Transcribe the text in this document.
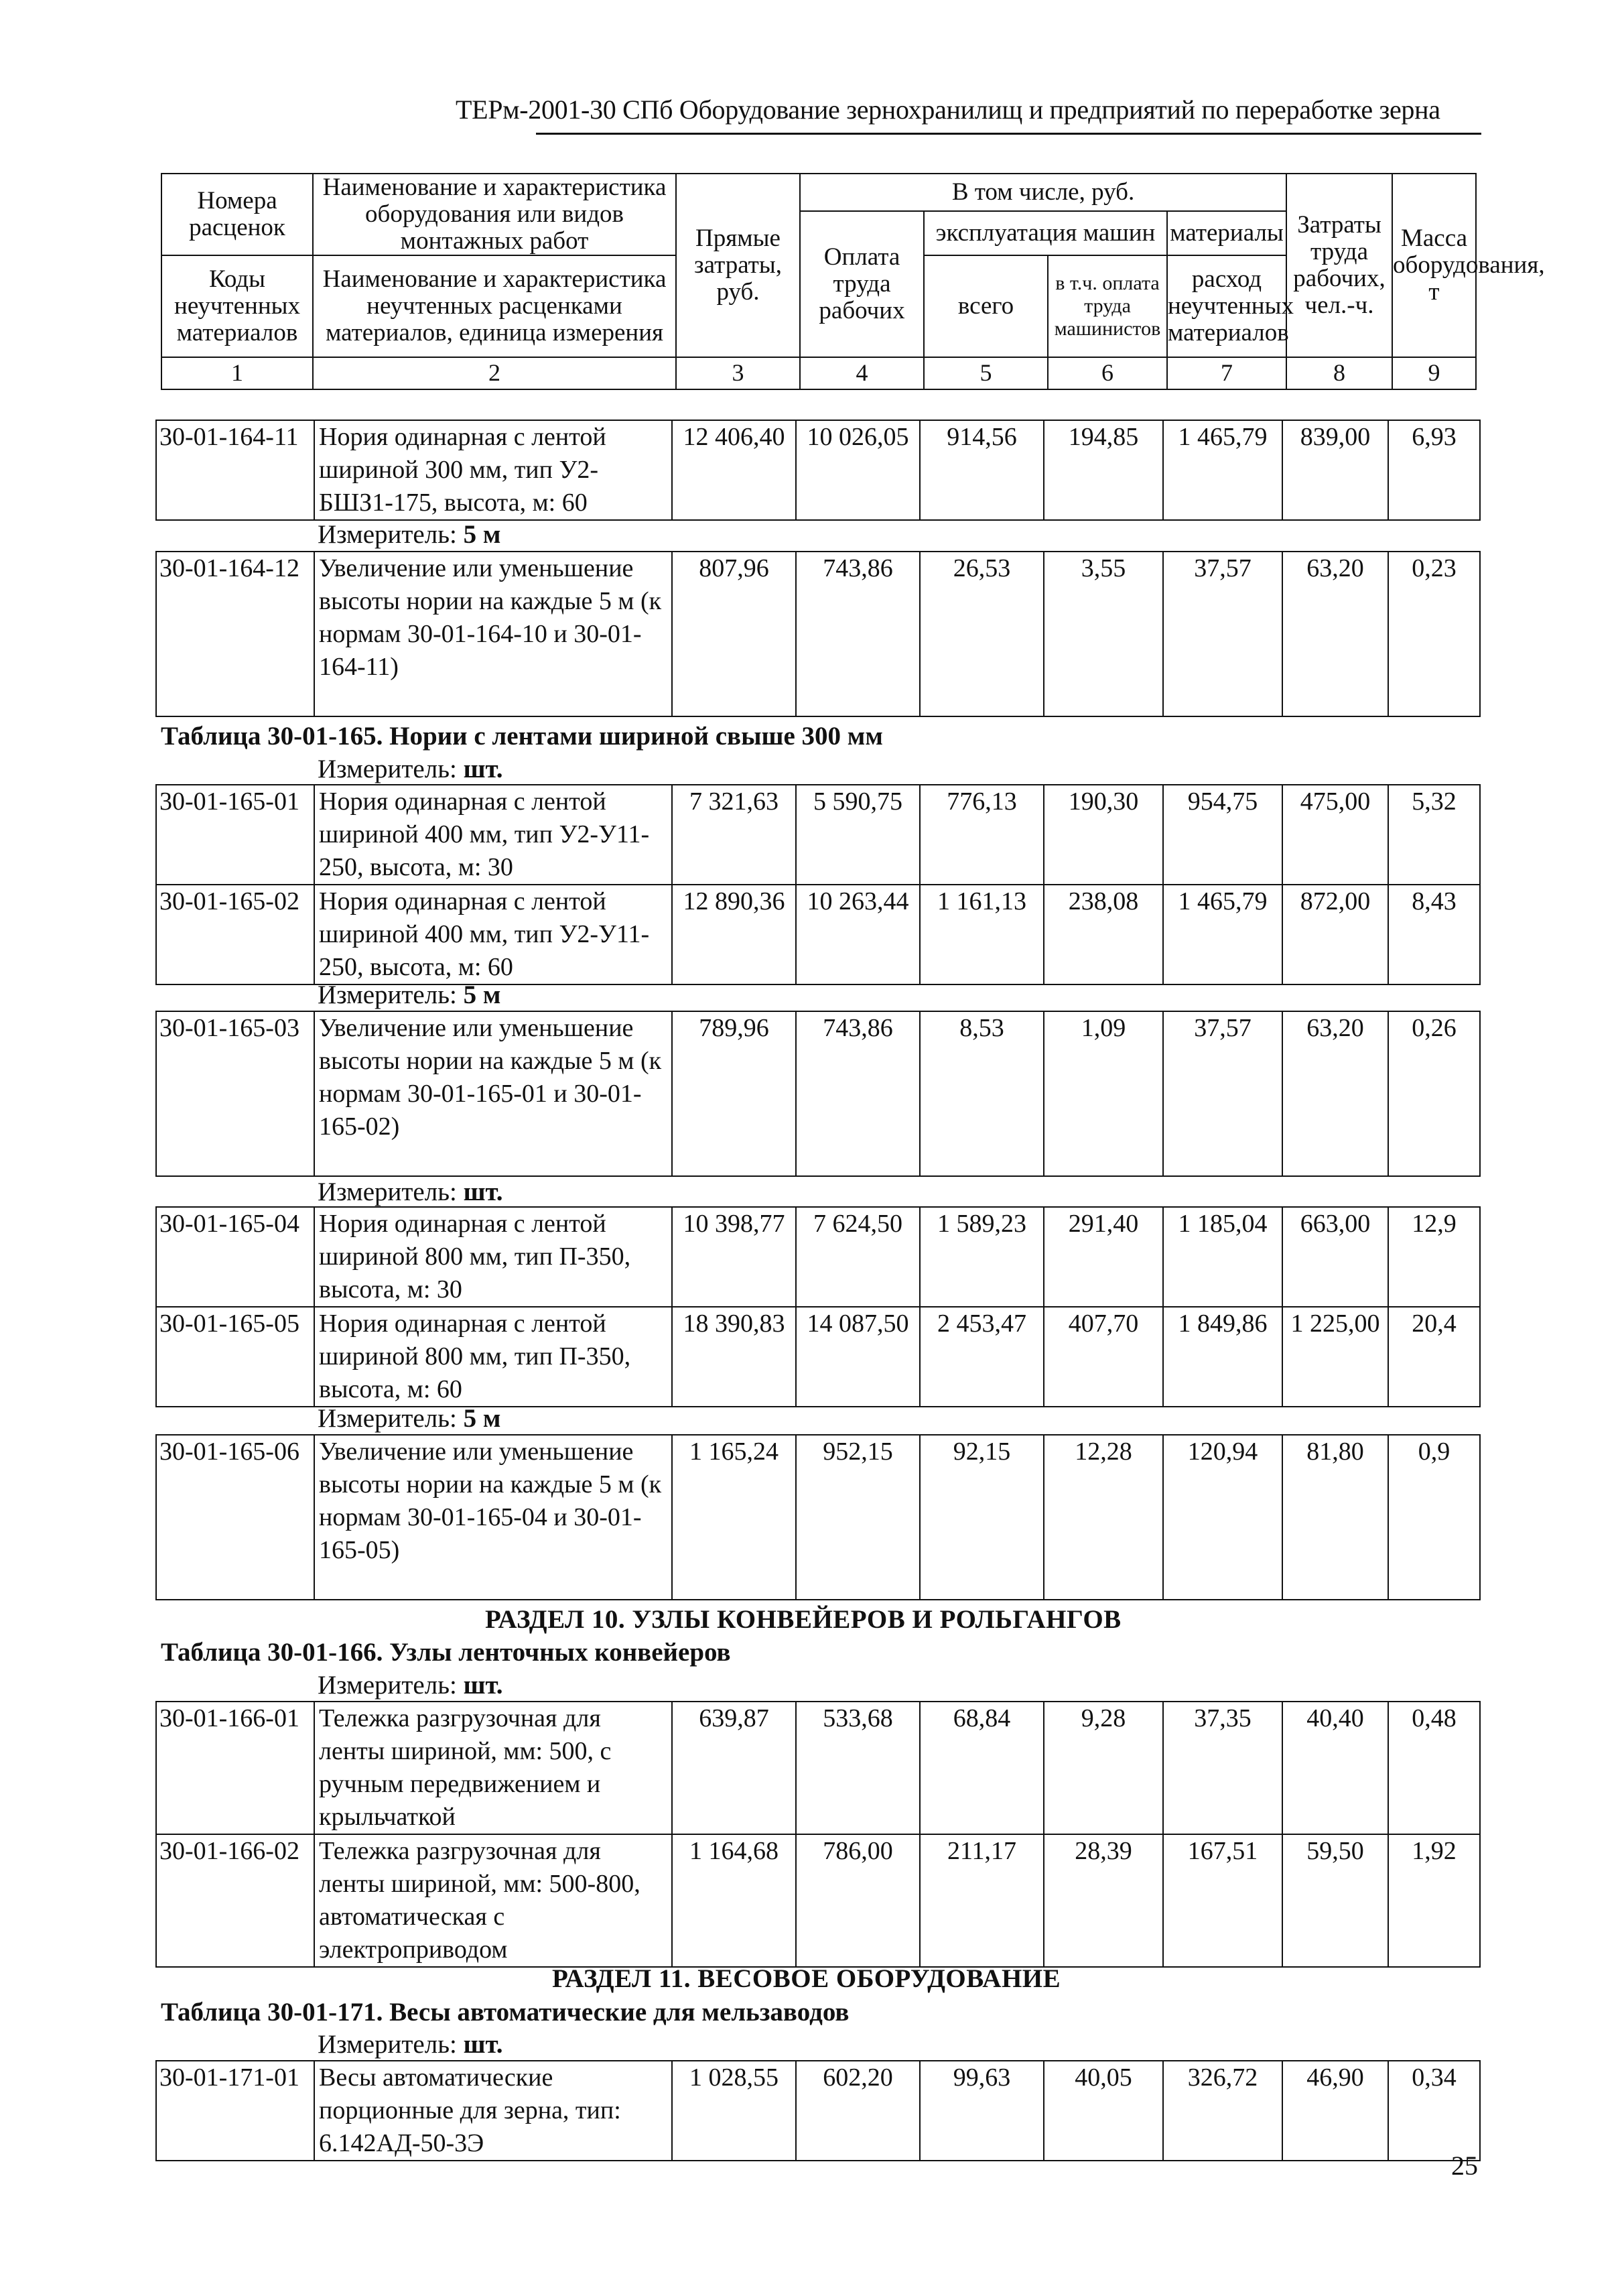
ТЕРм-2001-30 СПб Оборудование зернохранилищ и предприятий по переработке зерна
Номера расценок	Наименование и характеристика оборудования или видов монтажных работ	Прямые затраты, руб.	В том числе, руб.				Затраты труда рабочих, чел.-ч.	Масса оборудования, т
			Оплата труда рабочих	эксплуатация машин		материалы		
Коды неучтенных материалов	Наименование и характеристика неучтенных расценками материалов, единица измерения			всего	в т.ч. оплата труда машинистов	расход неучтенных материалов		

1	2	3	4	5	6	7	8	9
30-01-164-11	Нория одинарная с лентой шириной 300 мм, тип У2-БШЗ1-175, высота, м: 60	12 406,40	10 026,05	914,56	194,85	1 465,79	839,00	6,93
Измеритель: 5 м
30-01-164-12	Увеличение или уменьшение высоты нории на каждые 5 м (к нормам 30-01-164-10 и 30-01-164-11)	807,96	743,86	26,53	3,55	37,57	63,20	0,23
Таблица 30-01-165. Нории с лентами шириной свыше 300 мм
Измеритель: шт.
30-01-165-01	Нория одинарная с лентой шириной 400 мм, тип У2-У11-250, высота, м: 30	7 321,63	5 590,75	776,13	190,30	954,75	475,00	5,32
30-01-165-02	Нория одинарная с лентой шириной 400 мм, тип У2-У11-250, высота, м: 60	12 890,36	10 263,44	1 161,13	238,08	1 465,79	872,00	8,43
Измеритель: 5 м
30-01-165-03	Увеличение или уменьшение высоты нории на каждые 5 м (к нормам 30-01-165-01 и 30-01-165-02)	789,96	743,86	8,53	1,09	37,57	63,20	0,26
Измеритель: шт.
30-01-165-04	Нория одинарная с лентой шириной 800 мм, тип П-350, высота, м: 30	10 398,77	7 624,50	1 589,23	291,40	1 185,04	663,00	12,9
30-01-165-05	Нория одинарная с лентой шириной 800 мм, тип П-350, высота, м: 60	18 390,83	14 087,50	2 453,47	407,70	1 849,86	1 225,00	20,4
Измеритель: 5 м
30-01-165-06	Увеличение или уменьшение высоты нории на каждые 5 м (к нормам 30-01-165-04 и 30-01-165-05)	1 165,24	952,15	92,15	12,28	120,94	81,80	0,9
РАЗДЕЛ 10. УЗЛЫ КОНВЕЙЕРОВ И РОЛЬГАНГОВ
Таблица 30-01-166. Узлы ленточных конвейеров
Измеритель: шт.
30-01-166-01	Тележка разгрузочная для ленты шириной, мм: 500, с ручным передвижением и крыльчаткой	639,87	533,68	68,84	9,28	37,35	40,40	0,48
30-01-166-02	Тележка разгрузочная для ленты шириной, мм: 500-800, автоматическая с электроприводом	1 164,68	786,00	211,17	28,39	167,51	59,50	1,92
РАЗДЕЛ 11. ВЕСОВОЕ ОБОРУДОВАНИЕ
Таблица 30-01-171. Весы автоматические для мельзаводов
Измеритель: шт.
30-01-171-01	Весы автоматические порционные для зерна, тип: 6.142АД-50-3Э	1 028,55	602,20	99,63	40,05	326,72	46,90	0,34
25
